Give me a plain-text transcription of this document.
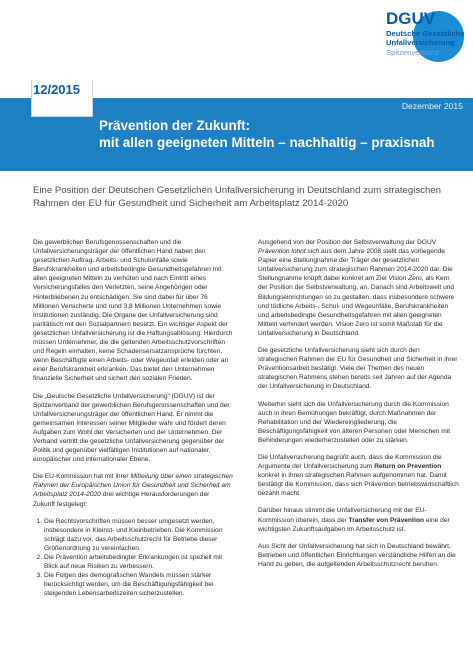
DGUV
Deutsche Gesetzliche
Unfallversicherung
Spitzenverband
12/2015
Dezember 2015
Prävention der Zukunft:
mit allen geeigneten Mitteln – nachhaltig – praxisnah
Eine Position der Deutschen Gesetzlichen Unfallversicherung in Deutschland zum strategischen Rahmen der EU für Gesundheit und Sicherheit am Arbeitsplatz 2014-2020

Die gewerblichen Berufsgenossenschaften und die Unfallversicherungsträger der öffentlichen Hand haben den gesetzlichen Auftrag, Arbeits- und Schulunfälle sowie Berufskrankheiten und arbeitsbedingte Gesundheitsgefahren mit allen geeigneten Mitteln zu verhüten und nach Eintritt eines Versicherungsfalles den Verletzten, seine Angehörigen oder Hinterbliebenen zu entschädigen. Sie sind dabei für über 76 Millionen Versicherte und rund 3,8 Millionen Unternehmen sowie Institutionen zuständig. Die Organe der Unfallversicherung sind paritätisch mit den Sozialpartnern besetzt. Ein wichtiger Aspekt der gesetzlichen Unfallversicherung ist die Haftungsablösung: Hierdurch müssen Unternehmer, die die geltenden Arbeitsschutzvorschriften und Regeln einhalten, keine Schadensersatzansprüche fürchten, wenn Beschäftigte einen Arbeits- oder Wegeunfall erleiden oder an einer Berufskrankheit erkranken. Das bietet den Unternehmen finanzielle Sicherheit und sichert den sozialen Frieden.

Die „Deutsche Gesetzliche Unfallversicherung" (DGUV) ist der Spitzenverband der gewerblichen Berufsgenossenschaften und der Unfallversicherungsträger der öffentlichen Hand. Er nimmt die gemeinsamen Interessen seiner Mitglieder wahr und fördert deren Aufgaben zum Wohl der Versicherten und der Unternehmen. Der Verband vertritt die gesetzliche Unfallversicherung gegenüber der Politik und gegenüber vielfältigen Institutionen auf nationaler, europäischer und internationaler Ebene.

Die EU-Kommission hat mit ihrer Mitteilung über einen strategischen Rahmen der Europäischen Union für Gesundheit und Sicherheit am Arbeitsplatz 2014-2020 drei wichtige Herausforderungen der Zukunft festgelegt:

1. Die Rechtsvorschriften müssen besser umgesetzt werden, insbesondere in Kleinst- und Kleinbetrieben. Die Kommission schlägt dazu vor, das Arbeitsschutzrecht für Betriebe dieser Größenordnung zu vereinfachen.
2. Die Prävention arbeitsbedingter Erkrankungen ist speziell mit Blick auf neue Risiken zu verbessern.
3. Die Folgen des demografischen Wandels müssen stärker berücksichtigt werden, um die Beschäftigungsfähigkeit bei steigenden Lebensarbeitszeiten sicherzustellen.

Ausgehend von der Position der Selbstverwaltung der DGUV Prävention lohnt sich aus dem Jahre 2008 stellt das vorliegende Papier eine Stellungnahme der Träger der gesetzlichen Unfallversicherung zum strategischen Rahmen 2014-2020 dar. Die Stellungnahme knüpft dabei konkret am Ziel Vision Zero, als Kern der Position der Selbstverwaltung, an. Danach sind Arbeitswelt und Bildungseinrichtungen so zu gestalten, dass insbesondere schwere und tödliche Arbeits-, Schul- und Wegeunfälle, Berufskrankheiten und arbeitsbedingte Gesundheitsgefahren mit allen geeigneten Mitteln verhindert werden. Vision Zero ist somit Maßstab für die Unfallversicherung in Deutschland.

Die gesetzliche Unfallversicherung sieht sich durch den strategischen Rahmen der EU für Gesundheit und Sicherheit in ihrer Präventionsarbeit bestätigt. Viele der Themen des neuen strategischen Rahmens stehen bereits seit Jahren auf der Agenda der Unfallversicherung in Deutschland.

Weiterhin sieht sich die Unfallversicherung durch die Kommission auch in ihren Bemühungen bekräftigt, durch Maßnahmen der Rehabilitation und der Wiedereingliederung, die Beschäftigungsfähigkeit von älteren Personen oder Menschen mit Behinderungen wiederherzustellen oder zu stärken.

Die Unfallversicherung begrüßt auch, dass die Kommission die Argumente der Unfallversicherung zum Return on Prevention konkret in ihren strategischen Rahmen aufgenommen hat. Damit bestätigt die Kommission, dass sich Prävention betriebswirtschaftlich bezahlt macht.

Darüber hinaus stimmt die Unfallversicherung mit der EU-Kommission überein, dass der Transfer von Prävention eine der wichtigsten Zukunftsaufgaben im Arbeitsschutz ist.

Aus Sicht der Unfallversicherung hat sich in Deutschland bewährt, Betrieben und öffentlichen Einrichtungen verständliche Hilfen an die Hand zu geben, die aufgeltenden Arbeitsschutzrecht beruhen.
